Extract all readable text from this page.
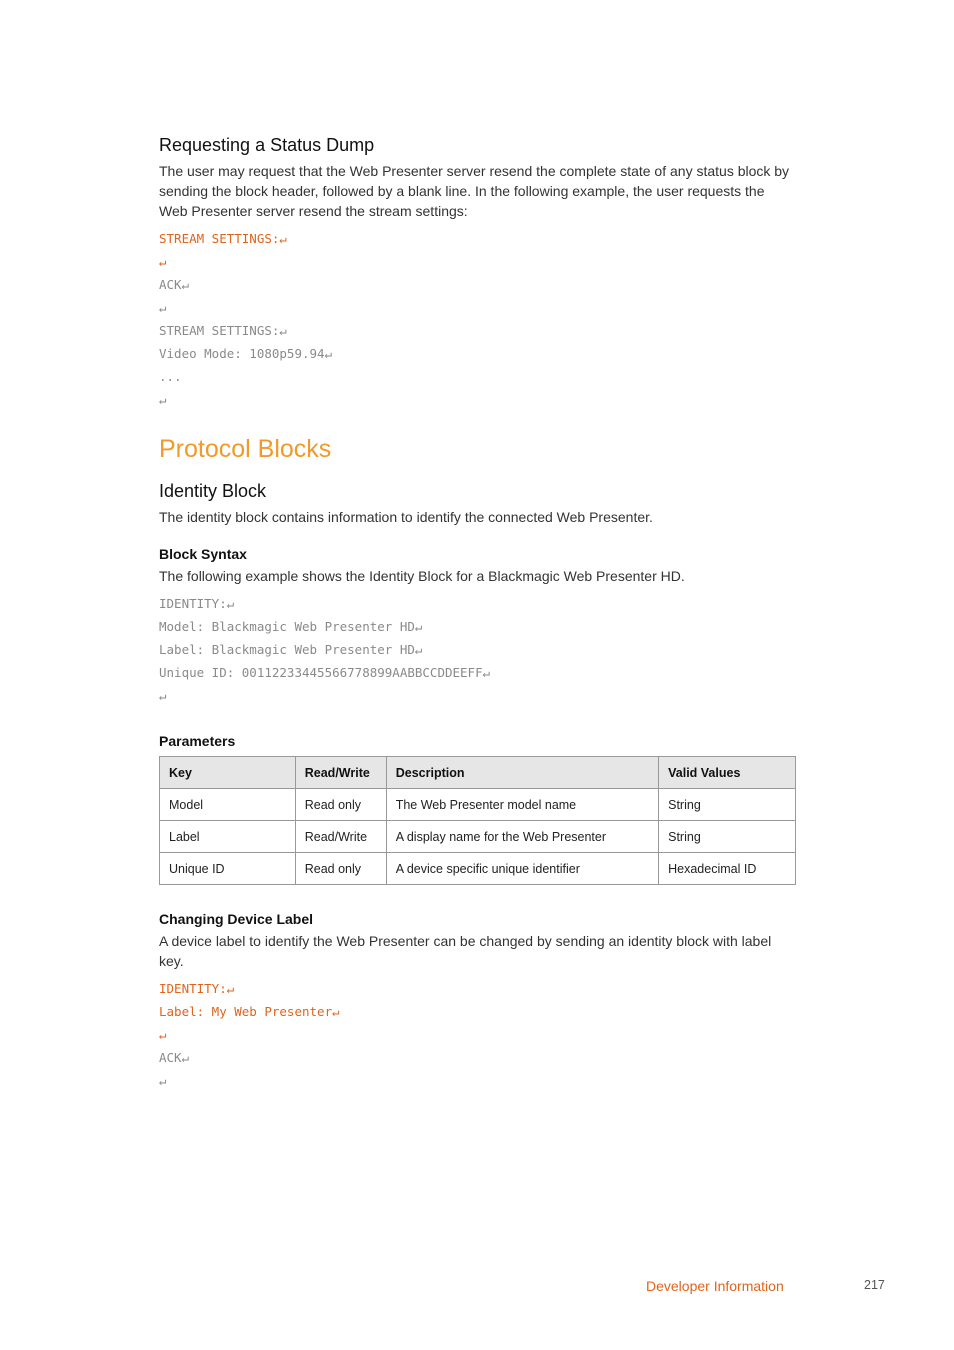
Requesting a Status Dump

The user may request that the Web Presenter server resend the complete state of any status block by sending the block header, followed by a blank line. In the following example, the user requests the Web Presenter server resend the stream settings:

STREAM SETTINGS:↵
↵
ACK↵
↵
STREAM SETTINGS:↵
Video Mode: 1080p59.94↵
...
↵
Protocol Blocks
Identity Block

The identity block contains information to identify the connected Web Presenter.

Block Syntax

The following example shows the Identity Block for a Blackmagic Web Presenter HD.

IDENTITY:↵
Model: Blackmagic Web Presenter HD↵
Label: Blackmagic Web Presenter HD↵
Unique ID: 00112233445566778899AABBCCDDEEFF↵
↵
Parameters
Key	Read/Write	Description	Valid Values
Model	Read only	The Web Presenter model name	String
Label	Read/Write	A display name for the Web Presenter	String
Unique ID	Read only	A device specific unique identifier	Hexadecimal ID
Changing Device Label

A device label to identify the Web Presenter can be changed by sending an identity block with label key.

IDENTITY:↵
Label: My Web Presenter↵
↵
ACK↵
↵
Developer Information	217
